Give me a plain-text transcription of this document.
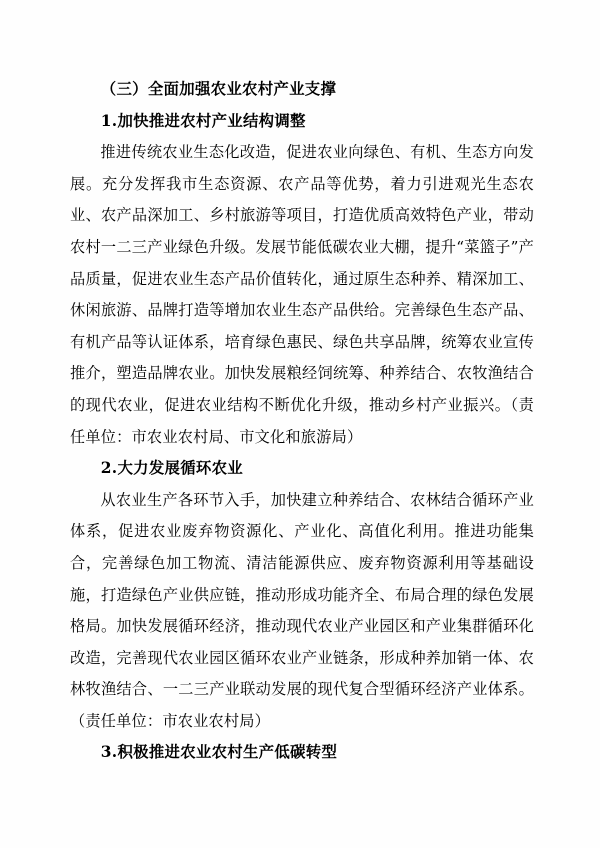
（三）全面加强农业农村产业支撑

1.加快推进农村产业结构调整

推进传统农业生态化改造，促进农业向绿色、有机、生态方向发展。充分发挥我市生态资源、农产品等优势，着力引进观光生态农业、农产品深加工、乡村旅游等项目，打造优质高效特色产业，带动农村一二三产业绿色升级。发展节能低碳农业大棚，提升“菜篮子”产品质量，促进农业生态产品价值转化，通过原生态种养、精深加工、休闲旅游、品牌打造等增加农业生态产品供给。完善绿色生态产品、有机产品等认证体系，培育绿色惠民、绿色共享品牌，统筹农业宣传推介，塑造品牌农业。加快发展粮经饲统筹、种养结合、农牧渔结合的现代农业，促进农业结构不断优化升级，推动乡村产业振兴。（责任单位：市农业农村局、市文化和旅游局）

2.大力发展循环农业

从农业生产各环节入手，加快建立种养结合、农林结合循环产业体系，促进农业废弃物资源化、产业化、高值化利用。推进功能集合，完善绿色加工物流、清洁能源供应、废弃物资源利用等基础设施，打造绿色产业供应链，推动形成功能齐全、布局合理的绿色发展格局。加快发展循环经济，推动现代农业产业园区和产业集群循环化改造，完善现代农业园区循环农业产业链条，形成种养加销一体、农林牧渔结合、一二三产业联动发展的现代复合型循环经济产业体系。（责任单位：市农业农村局）

3.积极推进农业农村生产低碳转型
